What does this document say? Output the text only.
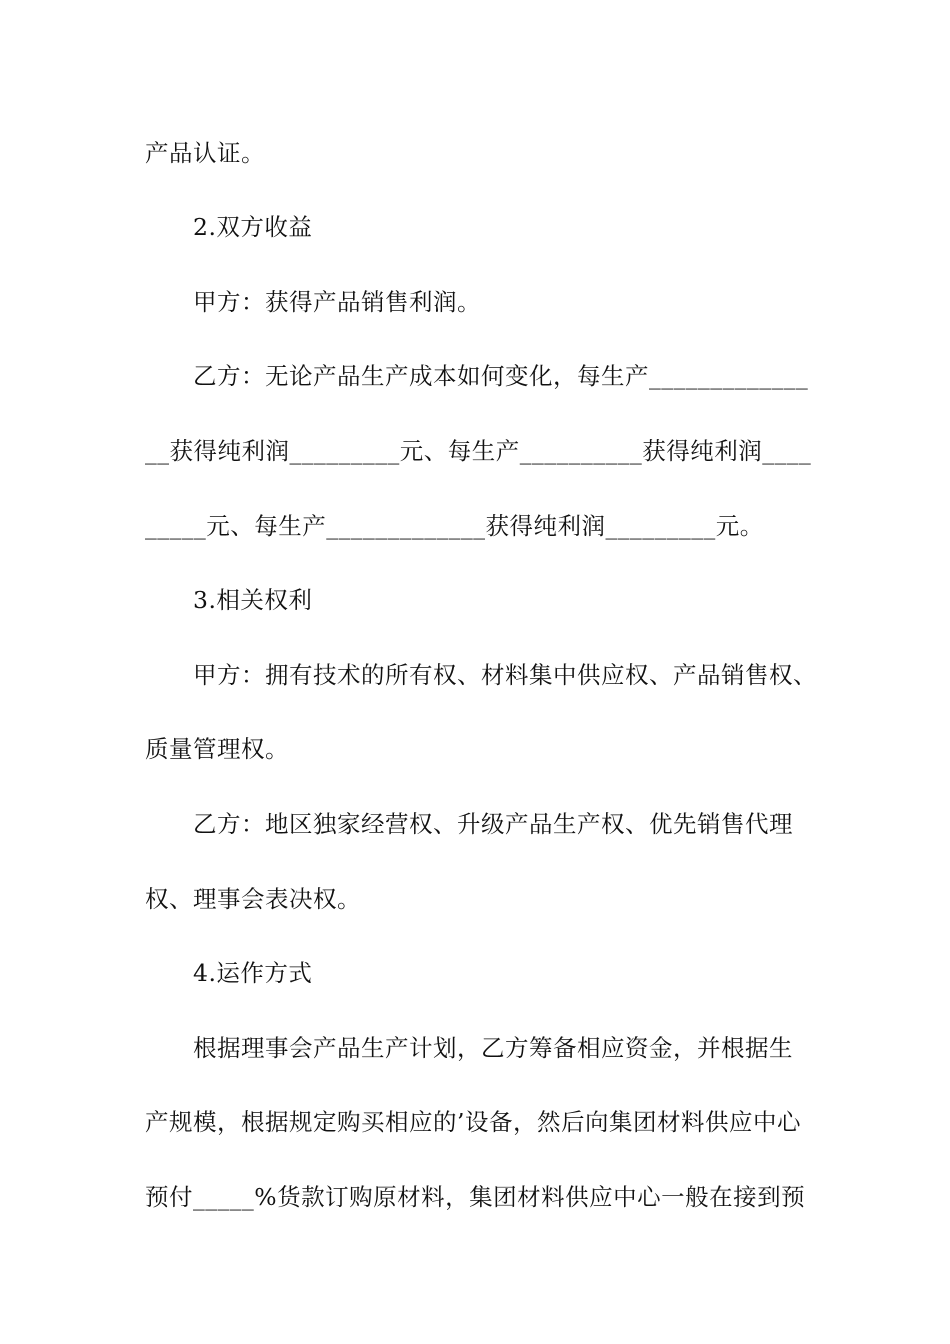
产品认证。
2.双方收益
甲方：获得产品销售利润。
乙方：无论产品生产成本如何变化，每生产_____________
__获得纯利润_________元、每生产__________获得纯利润____
_____元、每生产_____________获得纯利润_________元。
3.相关权利
甲方：拥有技术的所有权、材料集中供应权、产品销售权、
质量管理权。
乙方：地区独家经营权、升级产品生产权、优先销售代理
权、理事会表决权。
4.运作方式
根据理事会产品生产计划，乙方筹备相应资金，并根据生
产规模，根据规定购买相应的’设备，然后向集团材料供应中心
预付_____%货款订购原材料，集团材料供应中心一般在接到预
